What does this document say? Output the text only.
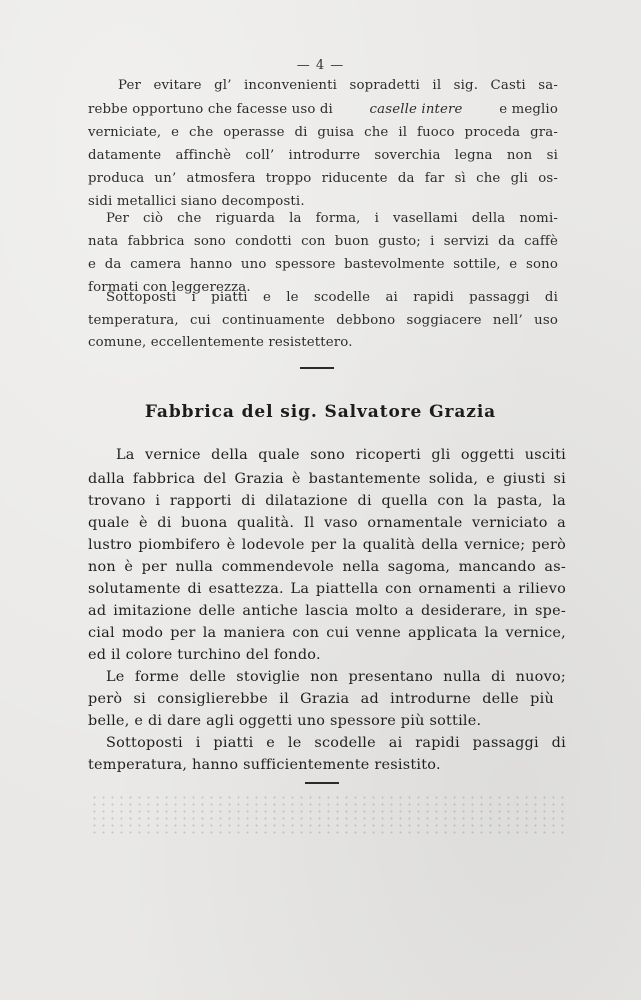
— 4 —
Per evitare gl’ inconvenienti sopradetti il sig. Casti sa-
rebbe opportuno che facesse uso di	caselle intere	e meglio
verniciate, e che operasse di guisa che il fuoco proceda gra-
datamente affinchè coll’ introdurre soverchia legna non si
produca un’ atmosfera troppo riducente da far sì che gli os-
sidi metallici siano decomposti.
Per ciò che riguarda la forma, i vasellami della nomi-
nata fabbrica sono condotti con buon gusto; i servizi da caffè
e da camera hanno uno spessore bastevolmente sottile, e sono
formati con leggerezza.
Sottoposti i piatti e le scodelle ai rapidi passaggi di
temperatura, cui continuamente debbono soggiacere nell’ uso
comune, eccellentemente resistettero.
Fabbrica del sig. Salvatore Grazia
La vernice della quale sono ricoperti gli oggetti usciti
dalla fabbrica del Grazia è bastantemente solida, e giusti si
trovano i rapporti di dilatazione di quella con la pasta, la
quale è di buona qualità. Il vaso ornamentale verniciato a
lustro piombifero è lodevole per la qualità della vernice; però
non è per nulla commendevole nella sagoma, mancando as-
solutamente di esattezza. La piattella con ornamenti a rilievo
ad imitazione delle antiche lascia molto a desiderare, in spe-
cial modo per la maniera con cui venne applicata la vernice,
ed il colore turchino del fondo.
Le forme delle stoviglie non presentano nulla di nuovo;
però si consiglierebbe il Grazia ad introdurne delle più
belle, e di dare agli oggetti uno spessore più sottile.
Sottoposti i piatti e le scodelle ai rapidi passaggi di
temperatura, hanno sufficientemente resistito.
